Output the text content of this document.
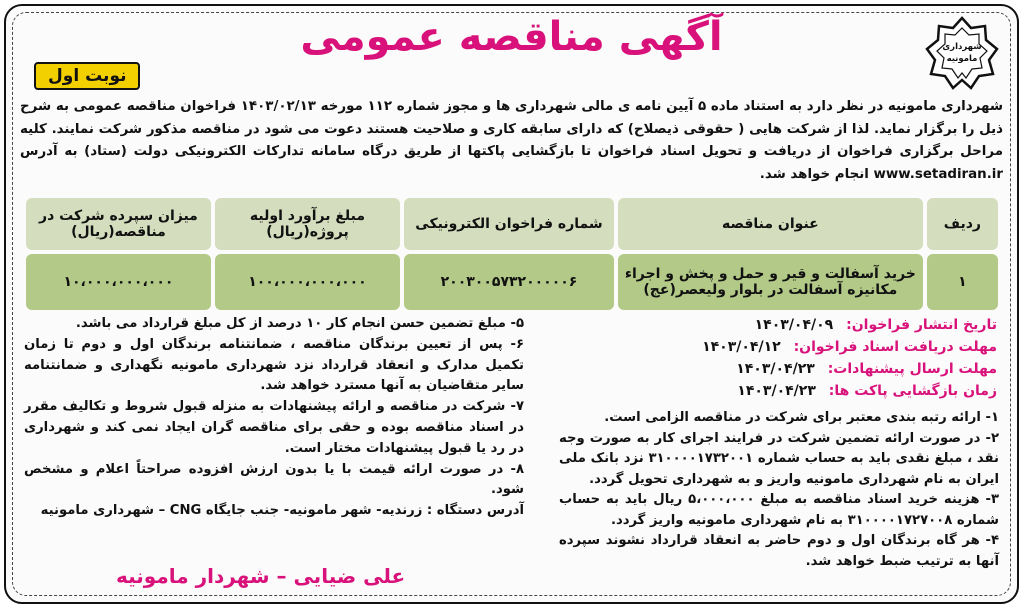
شهرداری
مامونیه
آگهی مناقصه عمومی
نوبت اول
شهرداری مامونیه در نظر دارد به استناد ماده ۵ آیین نامه ی مالی شهرداری ها و مجوز شماره ۱۱۲ مورخه ۱۴۰۳/۰۲/۱۳ فراخوان مناقصه عمومی به شرح ذیل را برگزار نماید. لذا از شرکت هایی ( حقوقی ذیصلاح) که دارای سابقه کاری و صلاحیت هستند دعوت می شود در مناقصه مذکور شرکت نمایند. کلیه مراحل برگزاری فراخوان از دریافت و تحویل اسناد فراخوان تا بازگشایی پاکتها از طریق درگاه سامانه تدارکات الکترونیکی دولت (ستاد) به آدرس www.setadiran.ir انجام خواهد شد.
ردیف	عنوان مناقصه	شماره فراخوان الکترونیکی	مبلغ برآورد اولیه پروژه(ریال)	میزان سپرده شرکت در مناقصه(ریال)
۱	خرید آسفالت و قیر و حمل و پخش و اجراء مکانیزه آسفالت در بلوار ولیعصر(عج)	۲۰۰۳۰۰۵۷۳۲۰۰۰۰۰۶	۱۰۰،۰۰۰،۰۰۰،۰۰۰	۱۰،۰۰۰،۰۰۰،۰۰۰
تاریخ انتشار فراخوان: ۱۴۰۳/۰۴/۰۹
مهلت دریافت اسناد فراخوان: ۱۴۰۳/۰۴/۱۲
مهلت ارسال پیشنهادات: ۱۴۰۳/۰۴/۲۳
زمان بازگشایی پاکت ها: ۱۴۰۳/۰۴/۲۳

۱- ارائه رتبه بندی معتبر برای شرکت در مناقصه الزامی است.

۲- در صورت ارائه تضمین شرکت در فرایند اجرای کار به صورت وجه نقد ، مبلغ نقدی باید به حساب شماره ۳۱۰۰۰۰۱۷۳۲۰۰۱ نزد بانک ملی ایران به نام شهرداری مامونیه واریز و به شهرداری تحویل گردد.

۳- هزینه خرید اسناد مناقصه به مبلغ ۵،۰۰۰،۰۰۰ ریال باید به حساب شماره ۳۱۰۰۰۰۱۷۲۷۰۰۸ به نام شهرداری مامونیه واریز گردد.

۴- هر گاه برندگان اول و دوم حاضر به انعقاد قرارداد نشوند سپرده آنها به ترتیب ضبط خواهد شد.

۵- مبلغ تضمین حسن انجام کار ۱۰ درصد از کل مبلغ قرارداد می باشد.

۶- پس از تعیین برندگان مناقصه ، ضمانتنامه برندگان اول و دوم تا زمان تکمیل مدارک و انعقاد قرارداد نزد شهرداری مامونیه نگهداری و ضمانتنامه سایر متقاضیان به آنها مسترد خواهد شد.

۷- شرکت در مناقصه و ارائه پیشنهادات به منزله قبول شروط و تکالیف مقرر در اسناد مناقصه بوده و حقی برای مناقصه گران ایجاد نمی کند و شهرداری در رد یا قبول پیشنهادات مختار است.

۸- در صورت ارائه قیمت با یا بدون ارزش افزوده صراحتاً اعلام و مشخص شود.

آدرس دستگاه : زرندیه- شهر مامونیه- جنب جایگاه CNG – شهرداری مامونیه

علی ضیایی – شهردار مامونیه
